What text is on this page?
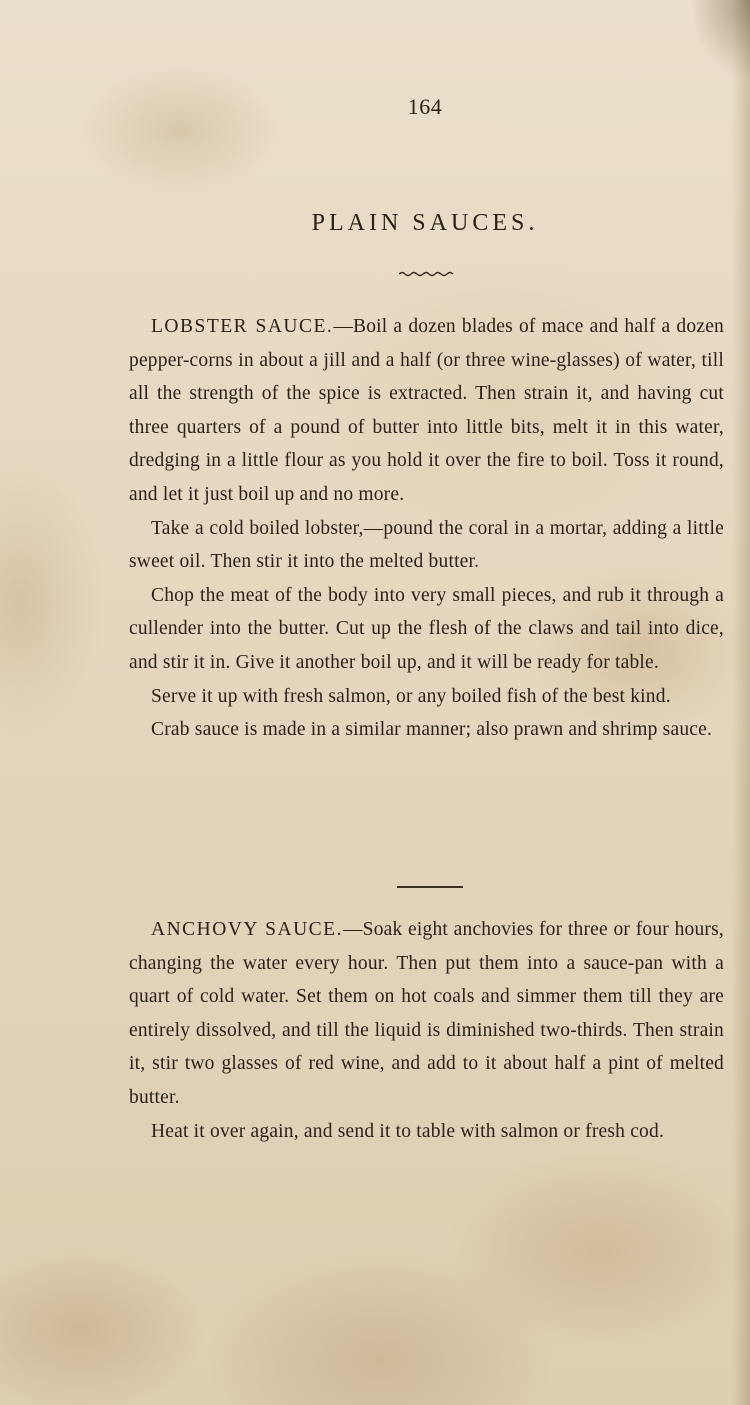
164
PLAIN SAUCES.

LOBSTER SAUCE.—Boil a dozen blades of mace and half a dozen pepper-corns in about a jill and a half (or three wine-glasses) of water, till all the strength of the spice is extracted. Then strain it, and having cut three quarters of a pound of butter into little bits, melt it in this water, dredging in a little flour as you hold it over the fire to boil. Toss it round, and let it just boil up and no more.

Take a cold boiled lobster,—pound the coral in a mortar, adding a little sweet oil. Then stir it into the melted butter.

Chop the meat of the body into very small pieces, and rub it through a cullender into the butter. Cut up the flesh of the claws and tail into dice, and stir it in. Give it another boil up, and it will be ready for table.

Serve it up with fresh salmon, or any boiled fish of the best kind.

Crab sauce is made in a similar manner; also prawn and shrimp sauce.

ANCHOVY SAUCE.—Soak eight anchovies for three or four hours, changing the water every hour. Then put them into a sauce-pan with a quart of cold water. Set them on hot coals and simmer them till they are entirely dissolved, and till the liquid is diminished two-thirds. Then strain it, stir two glasses of red wine, and add to it about half a pint of melted butter.

Heat it over again, and send it to table with salmon or fresh cod.
